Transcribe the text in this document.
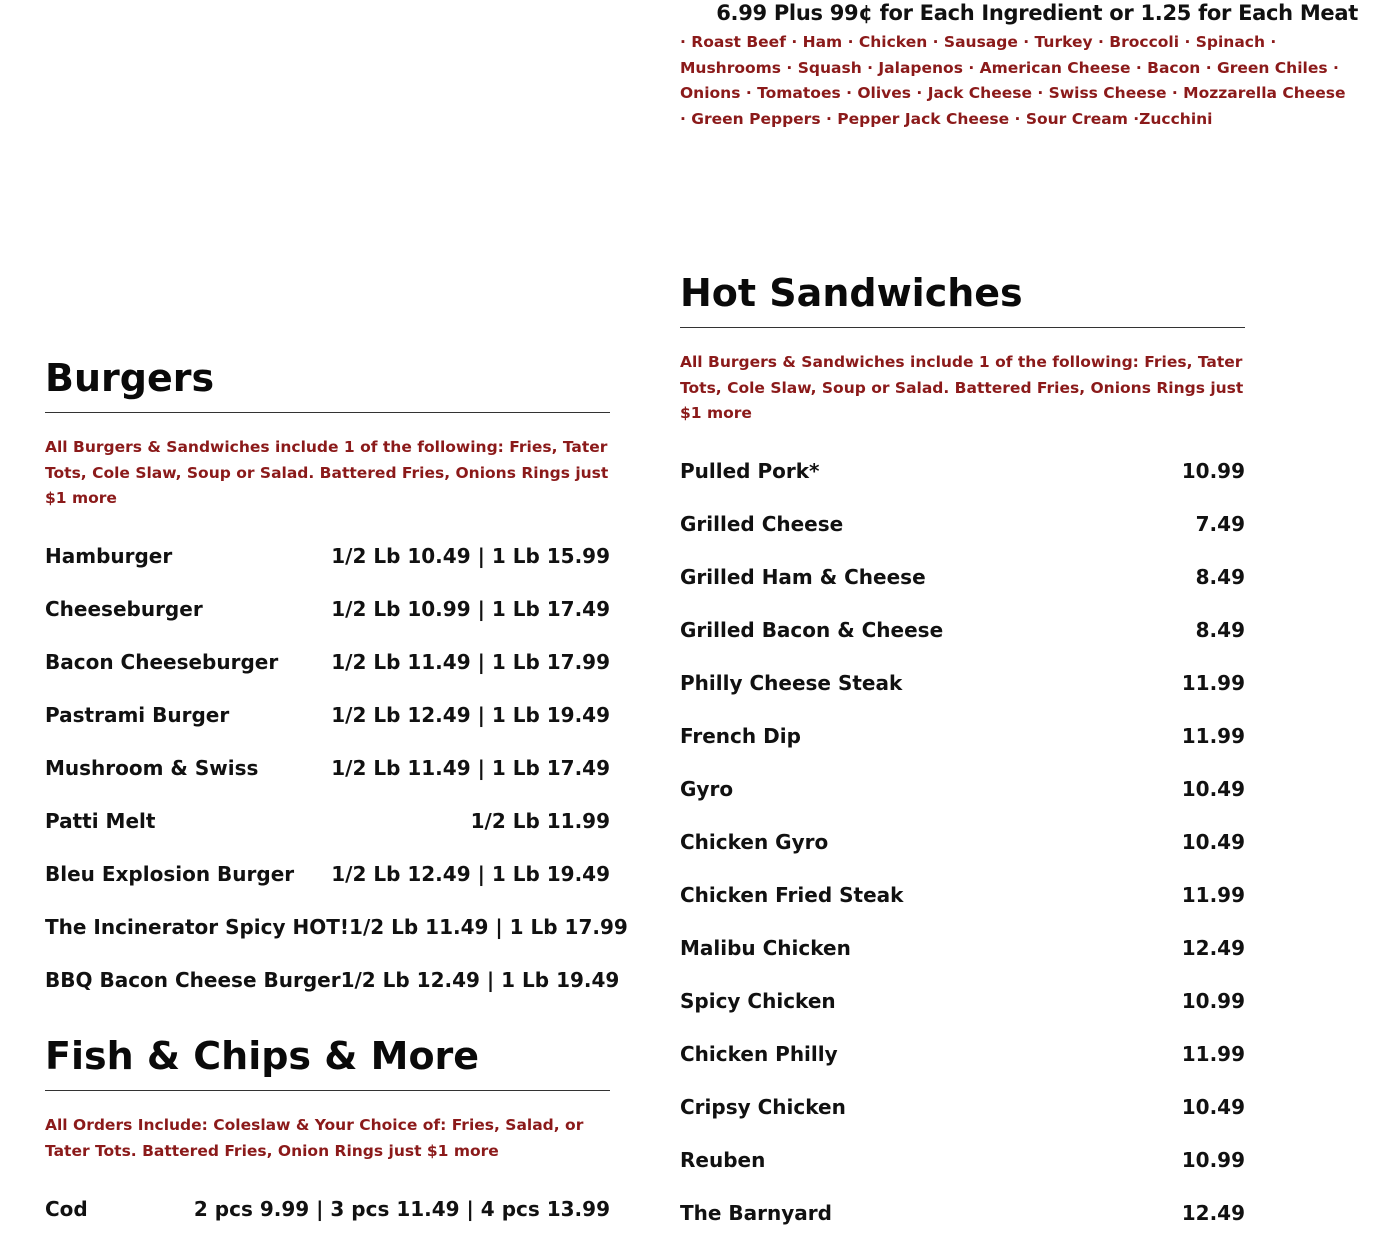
6.99 Plus 99¢ for Each Ingredient or 1.25 for Each Meat
· Roast Beef · Ham · Chicken · Sausage · Turkey · Broccoli · Spinach · Mushrooms · Squash · Jalapenos · American Cheese · Bacon · Green Chiles · Onions · Tomatoes · Olives · Jack Cheese · Swiss Cheese · Mozzarella Cheese · Green Peppers · Pepper Jack Cheese · Sour Cream ·Zucchini
Burgers
All Burgers & Sandwiches include 1 of the following: Fries, Tater Tots, Cole Slaw, Soup or Salad. Battered Fries, Onions Rings just $1 more
Hamburger	1/2 Lb 10.49 | 1 Lb 15.99
Cheeseburger	1/2 Lb 10.99 | 1 Lb 17.49
Bacon Cheeseburger	1/2 Lb 11.49 | 1 Lb 17.99
Pastrami Burger	1/2 Lb 12.49 | 1 Lb 19.49
Mushroom & Swiss	1/2 Lb 11.49 | 1 Lb 17.49
Patti Melt	1/2 Lb 11.99
Bleu Explosion Burger 1/2 Lb 12.49 | 1 Lb 19.49
The Incinerator Spicy HOT! 1/2 Lb 11.49 | 1 Lb 17.99
BBQ Bacon Cheese Burger 1/2 Lb 12.49 | 1 Lb 19.49
Fish & Chips & More
All Orders Include: Coleslaw & Your Choice of: Fries, Salad, or Tater Tots. Battered Fries, Onion Rings just $1 more
Cod	2 pcs 9.99 | 3 pcs 11.49 | 4 pcs 13.99
Hot Sandwiches
All Burgers & Sandwiches include 1 of the following: Fries, Tater Tots, Cole Slaw, Soup or Salad. Battered Fries, Onions Rings just $1 more
Pulled Pork*	10.99
Grilled Cheese	7.49
Grilled Ham & Cheese	8.49
Grilled Bacon & Cheese	8.49
Philly Cheese Steak	11.99
French Dip	11.99
Gyro	10.49
Chicken Gyro	10.49
Chicken Fried Steak	11.99
Malibu Chicken	12.49
Spicy Chicken	10.99
Chicken Philly	11.99
Cripsy Chicken	10.49
Reuben	10.99
The Barnyard	12.49
